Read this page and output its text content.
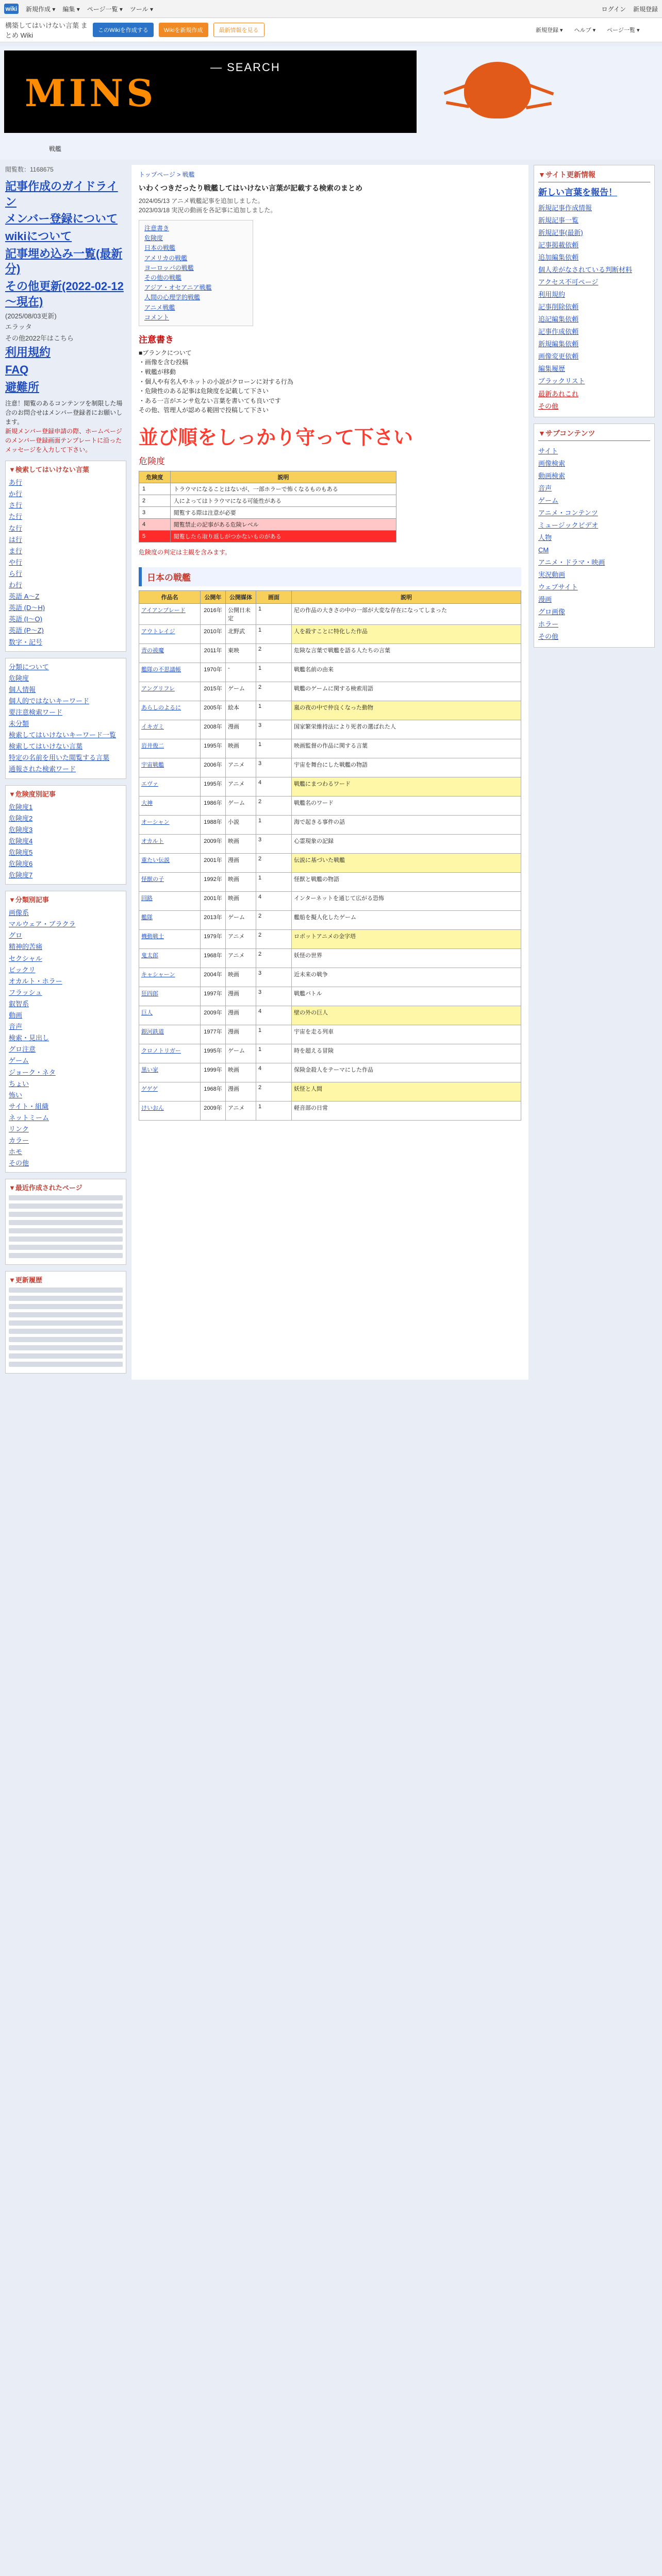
wiki 新規作成 ▾ 編集 ▾ ページ一覧 ▾ ツール ▾	ログイン 新規登録
構築してはいけない言葉 まとめ Wiki
このWikiを作成する	Wikiを新規作成	最新情報を見る	新規登録 ▾ ヘルプ ▾ ページ一覧 ▾
MINS
— SEARCH
戦艦
閲覧数：1168675
記事作成のガイドライン
メンバー登録について
wikiについて
記事埋め込み一覧(最新分)
その他更新(2022-02-12～現在)
(2025/08/03更新)
エラッタ
その他2022年はこちら
利用規約
FAQ
避難所
注意！閲覧のあるコンテンツを制限した場合のお問合せはメンバー登録者にお願いします。
新規メンバー登録申請の際、ホームページのメンバー登録画面テンプレートに沿ったメッセージを入力して下さい。
▼検索してはいけない言葉
あ行
か行
さ行
た行
な行
は行
ま行
や行
ら行
わ行
英語 A～Z
英語 (D～H)
英語 (I～O)
英語 (P～Z)
数字・記号
分類について
危険度
個人情報
個人的ではないキーワード
要注意検索ワード
未分類
検索してはいけないキーワード一覧
検索してはいけない言葉
特定の名前を用いた閲覧する言葉
通報された検索ワード
▼危険度別記事
危険度1
危険度2
危険度3
危険度4
危険度5
危険度6
危険度7
▼分類別記事
画像系
マルウェア・ブラクラ
グロ
精神的苦痛
セクシャル
ビックリ
オカルト・ホラー
フラッシュ
叡智系
動画
音声
検索・見出し
グロ注意
ゲーム
ジョーク・ネタ
ちょい
怖い
サイト・組織
ネットミーム
リンク
カラー
ホモ
その他
▼最近作成されたページ
▼更新履歴
トップページ > 戦艦
いわくつきだったり戦艦してはいけない言葉が記載する検索のまとめ
2024/05/13 アニメ戦艦記事を追加しました。
2023/03/18 実況の動画を各記事に追加しました。
注意書き
危険度
日本の戦艦
アメリカの戦艦
ヨーロッパの戦艦
その他の戦艦
アジア・オセアニア戦艦
人間の心理学的戦艦
アニメ戦艦
コメント
注意書き
■ブランクについて
・画像を含む投稿
・戦艦が移動
・個人や有名人やネットの小説がクローンに対する行為
・危険性のある記事は危険度を記載して下さい
・ある一言がエンサ危ない言葉を書いても良いです
その他、管理人が認める範囲で投稿して下さい
並び順をしっかり守って下さい
危険度
危険度	説明
1	トラウマになることはないが、一部ホラーで怖くなるものもある
2	人によってはトラウマになる可能性がある
3	閲覧する際は注意が必要
4	閲覧禁止の記事がある危険レベル
5	閲覧したら取り返しがつかないものがある
危険度の判定は主観を含みます。
日本の戦艦
作品名	公開年	公開媒体	画面	説明
アイアンブレード	2016年	公開日未定	1	尼の作品の大きさの中の一部が大変な存在になってしまった
アウトレイジ	2010年	北野武	1	人を殺すことに特化した作品
青の祓魔	2011年	東映	2	危険な言葉で戦艦を語る人たちの言葉
艦隊の不思議帳	1970年	-	1	戦艦名前の由来
アングリフレ	2015年	ゲーム	2	戦艦のゲームに関する検索用語
あらしのよるに	2005年	絵本	1	嵐の夜の中で仲良くなった動物
イキガミ	2008年	漫画	3	国家繁栄維持法により死者の選ばれた人
岩井俊二	1995年	映画	1	映画監督の作品に関する言葉
宇宙戦艦	2006年	アニメ	3	宇宙を舞台にした戦艦の物語
エヴァ	1995年	アニメ	4	戦艦にまつわるワード
大神	1986年	ゲーム	2	戦艦名のワード
オーシャン	1988年	小説	1	海で起きる事件の話
オカルト	2009年	映画	3	心霊現象の記録
重たい伝説	2001年	漫画	2	伝説に基づいた戦艦
怪獣の子	1992年	映画	1	怪獣と戦艦の物語
回路	2001年	映画	4	インターネットを通じて広がる恐怖
艦隊	2013年	ゲーム	2	艦船を擬人化したゲーム
機動戦士	1979年	アニメ	2	ロボットアニメの金字塔
鬼太郎	1968年	アニメ	2	妖怪の世界
キャシャーン	2004年	映画	3	近未来の戦争
狂四郎	1997年	漫画	3	戦艦バトル
巨人	2009年	漫画	4	壁の外の巨人
銀河鉄道	1977年	漫画	1	宇宙を走る列車
クロノトリガー	1995年	ゲーム	1	時を超える冒険
黒い家	1999年	映画	4	保険金殺人をテーマにした作品
ゲゲゲ	1968年	漫画	2	妖怪と人間
けいおん	2009年	アニメ	1	軽音部の日常
▼サイト更新情報
新しい言葉を報告！
新規記事作成情報
新規記事一覧
新規記事(最新)
記事掲載依頼
追加編集依頼
個人差がなされている判断材料
アクセス不可ページ
利用規約
記事削除依頼
追記編集依頼
記事作成依頼
新規編集依頼
画像変更依頼
編集履歴
ブラックリスト
最新あれこれ
その他
▼サブコンテンツ
サイト
画像検索
動画検索
音声
ゲーム
アニメ・コンテンツ
ミュージックビデオ
人物
CM
アニメ・ドラマ・映画
実況動画
ウェブサイト
漫画
グロ画像
ホラー
その他
